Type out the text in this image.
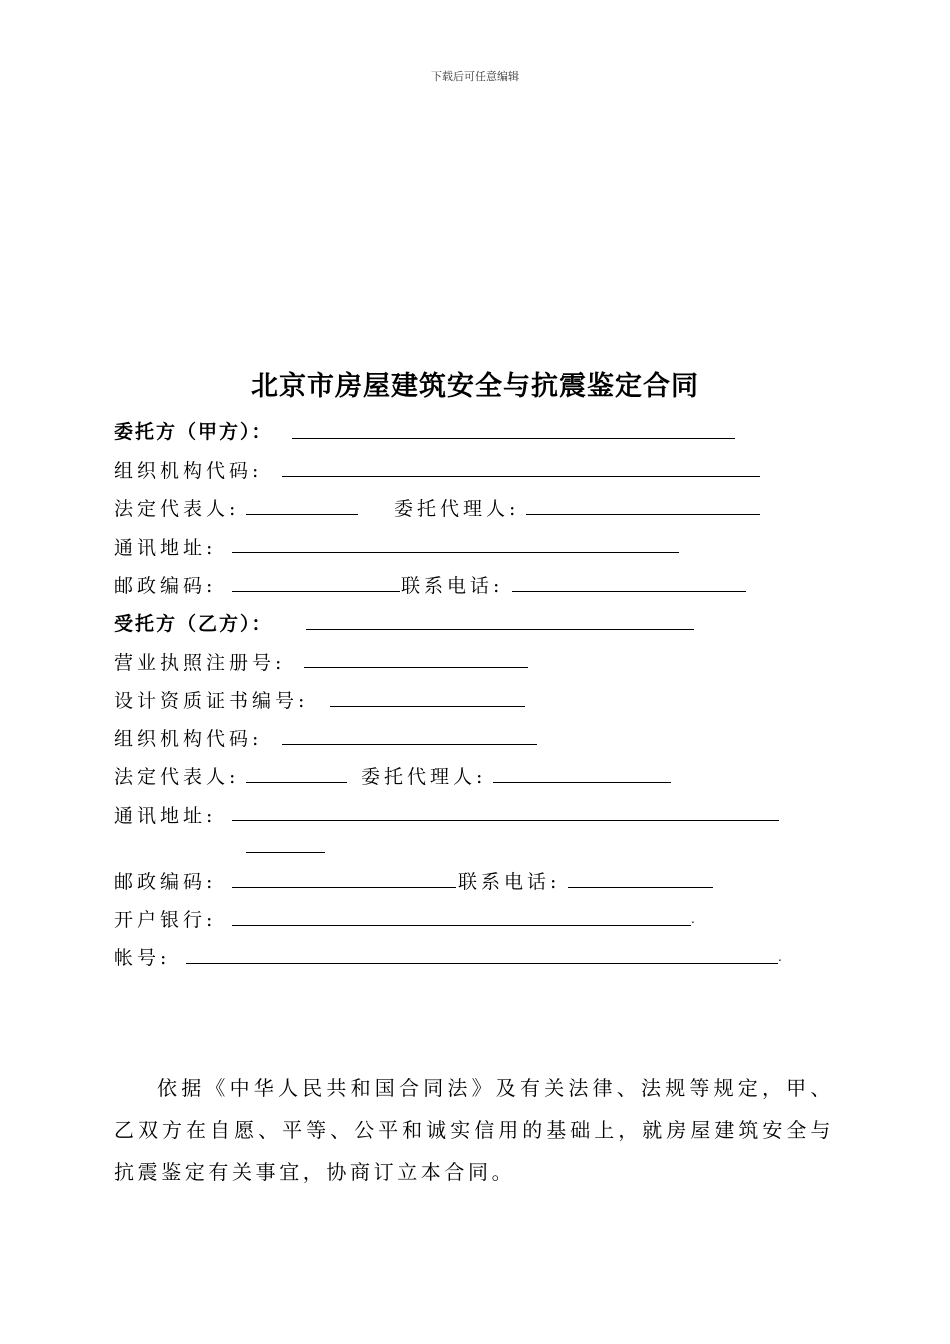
下载后可任意编辑
北京市房屋建筑安全与抗震鉴定合同
委托方（甲方）：
组织机构代码:
法定代表人:	委托代理人:
通讯地址:
邮政编码:	联系电话:
受托方（乙方）：
营业执照注册号:
设计资质证书编号:
组织机构代码:
法定代表人:	委托代理人:
通讯地址:
邮政编码:	联系电话:
开户银行:	.
帐号:	.
依据《中华人民共和国合同法》及有关法律、法规等规定，甲、乙双方在自愿、平等、公平和诚实信用的基础上，就房屋建筑安全与抗震鉴定有关事宜，协商订立本合同。
